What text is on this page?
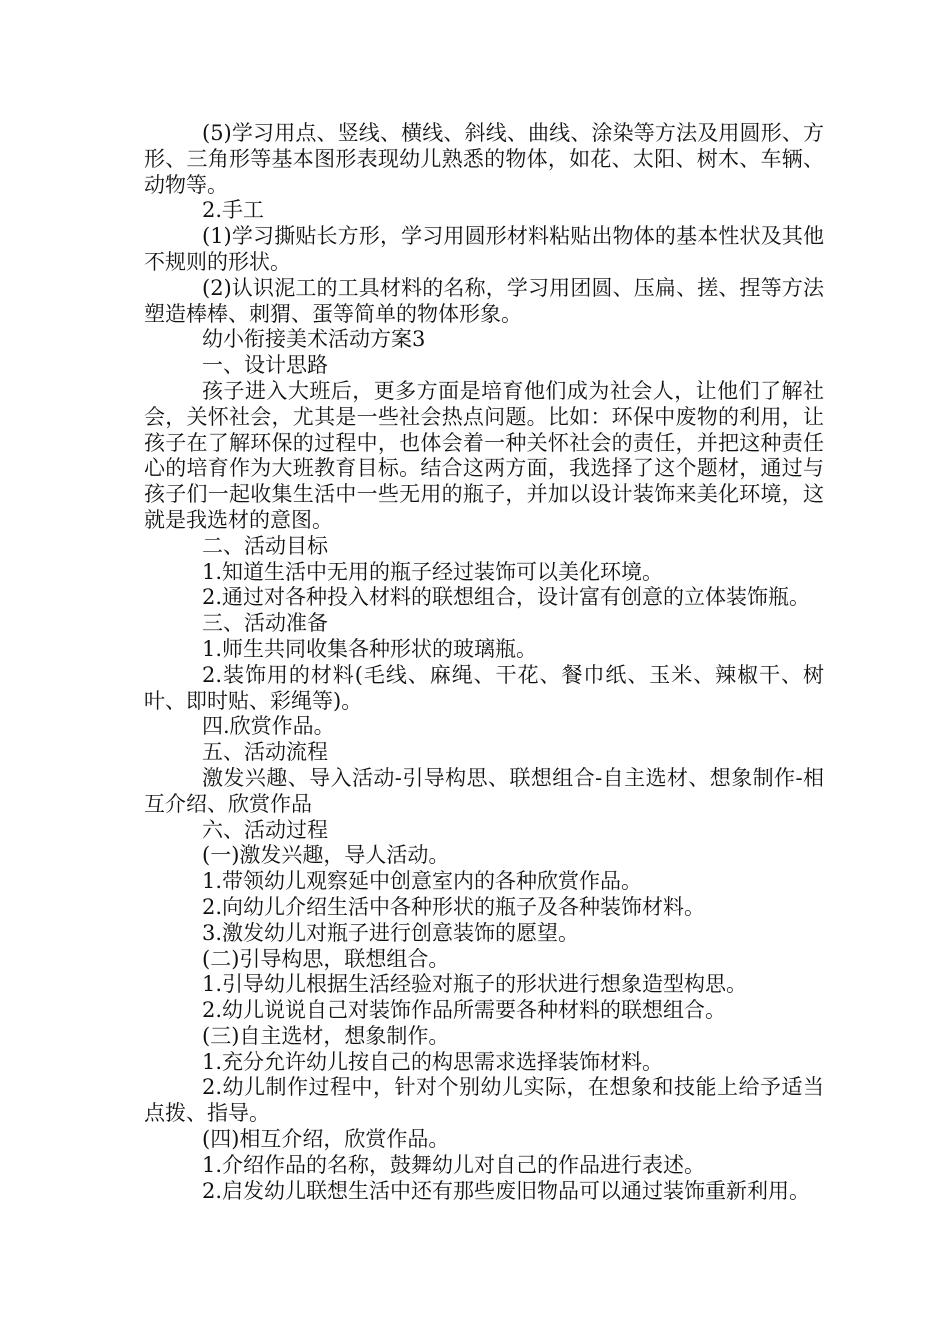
(5)学习用点、竖线、横线、斜线、曲线、涂染等方法及用圆形、方形、三角形等基本图形表现幼儿熟悉的物体，如花、太阳、树木、车辆、动物等。

2.手工

(1)学习撕贴长方形，学习用圆形材料粘贴出物体的基本性状及其他不规则的形状。

(2)认识泥工的工具材料的名称，学习用团圆、压扁、搓、捏等方法塑造棒棒、刺猬、蛋等简单的物体形象。

幼小衔接美术活动方案3

一、设计思路

孩子进入大班后，更多方面是培育他们成为社会人，让他们了解社会，关怀社会，尤其是一些社会热点问题。比如：环保中废物的利用，让孩子在了解环保的过程中，也体会着一种关怀社会的责任，并把这种责任心的培育作为大班教育目标。结合这两方面，我选择了这个题材，通过与孩子们一起收集生活中一些无用的瓶子，并加以设计装饰来美化环境，这就是我选材的意图。

二、活动目标

1.知道生活中无用的瓶子经过装饰可以美化环境。

2.通过对各种投入材料的联想组合，设计富有创意的立体装饰瓶。

三、活动准备

1.师生共同收集各种形状的玻璃瓶。

2.装饰用的材料(毛线、麻绳、干花、餐巾纸、玉米、辣椒干、树叶、即时贴、彩绳等)。

四.欣赏作品。

五、活动流程

激发兴趣、导入活动-引导构思、联想组合-自主选材、想象制作-相互介绍、欣赏作品

六、活动过程

(一)激发兴趣，导人活动。

1.带领幼儿观察延中创意室内的各种欣赏作品。

2.向幼儿介绍生活中各种形状的瓶子及各种装饰材料。

3.激发幼儿对瓶子进行创意装饰的愿望。

(二)引导构思，联想组合。

1.引导幼儿根据生活经验对瓶子的形状进行想象造型构思。

2.幼儿说说自己对装饰作品所需要各种材料的联想组合。

(三)自主选材，想象制作。

1.充分允许幼儿按自己的构思需求选择装饰材料。

2.幼儿制作过程中，针对个别幼儿实际，在想象和技能上给予适当点拨、指导。

(四)相互介绍，欣赏作品。

1.介绍作品的名称，鼓舞幼儿对自己的作品进行表述。

2.启发幼儿联想生活中还有那些废旧物品可以通过装饰重新利用。
